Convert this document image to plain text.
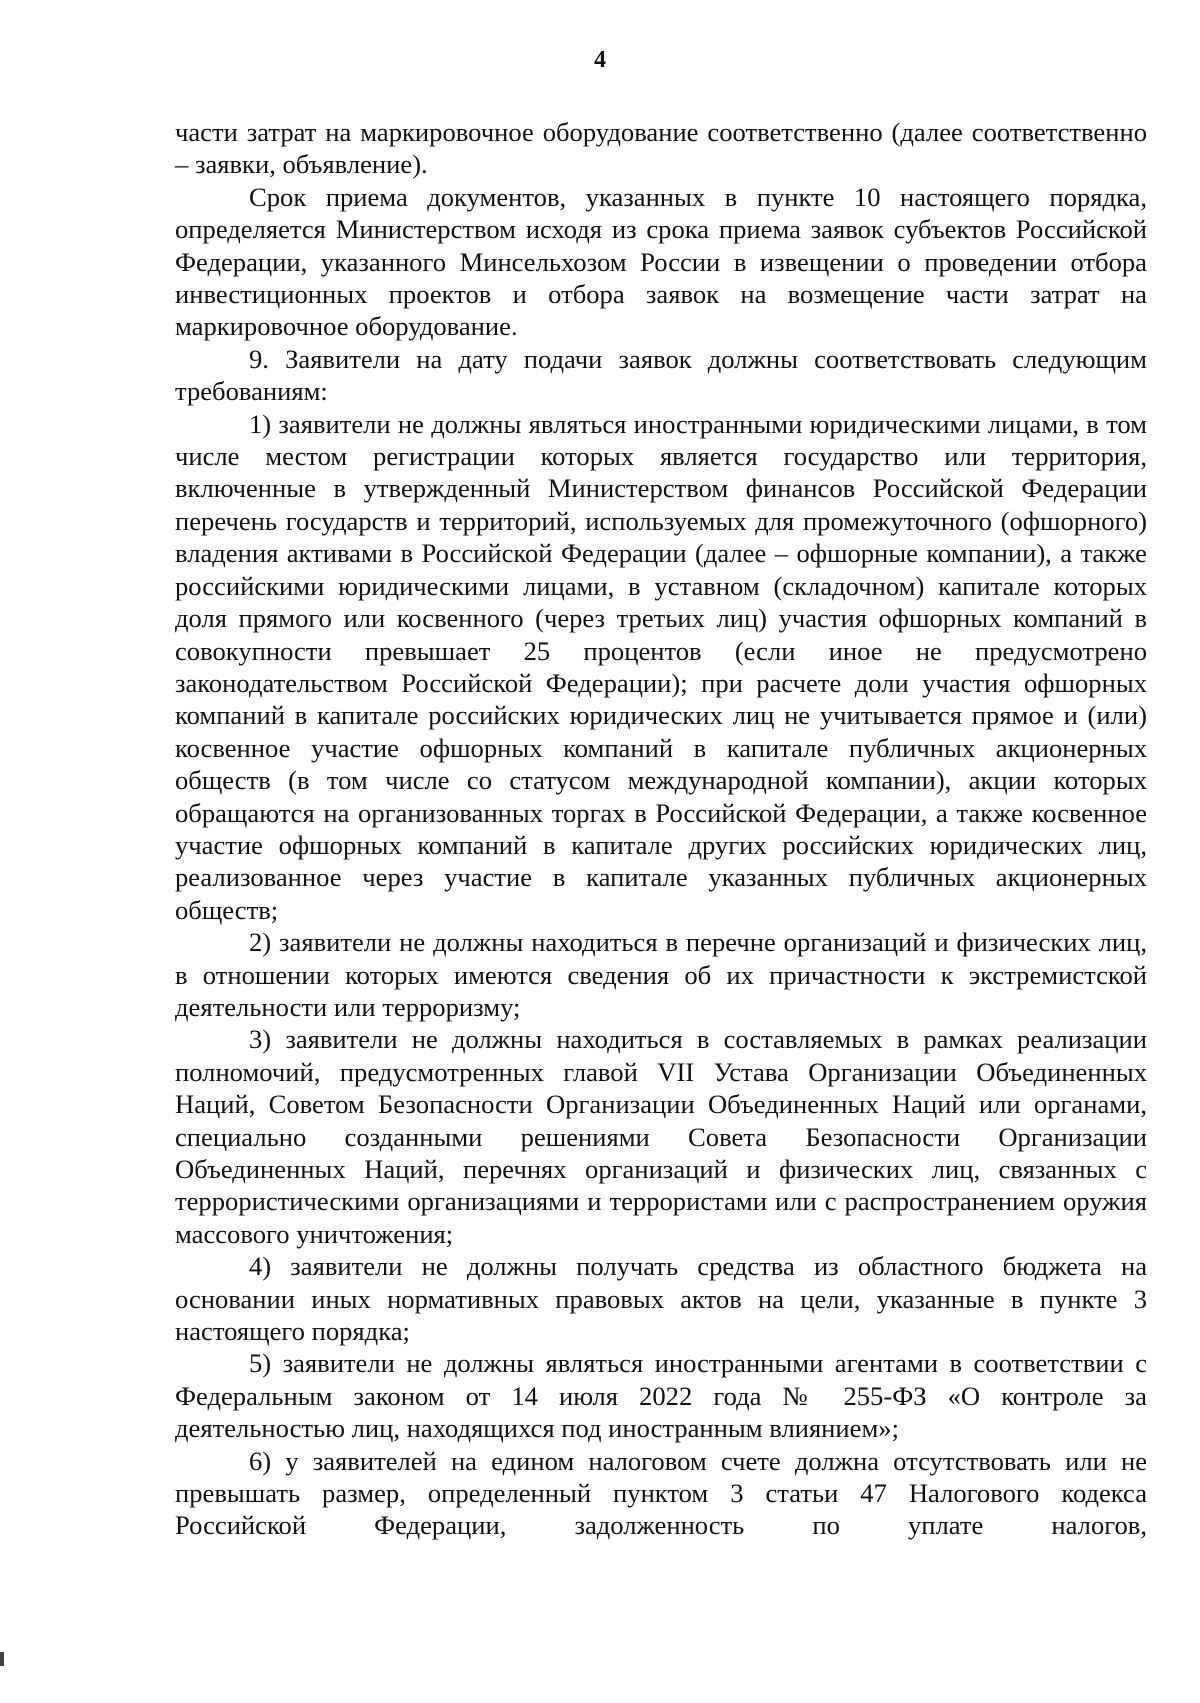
4

части затрат на маркировочное оборудование соответственно (далее соответственно – заявки, объявление).

Срок приема документов, указанных в пункте 10 настоящего порядка, определяется Министерством исходя из срока приема заявок субъектов Российской Федерации, указанного Минсельхозом России в извещении о проведении отбора инвестиционных проектов и отбора заявок на возмещение части затрат на маркировочное оборудование.

9. Заявители на дату подачи заявок должны соответствовать следующим требованиям:

1) заявители не должны являться иностранными юридическими лицами, в том числе местом регистрации которых является государство или территория, включенные в утвержденный Министерством финансов Российской Федерации перечень государств и территорий, используемых для промежуточного (офшорного) владения активами в Российской Федерации (далее – офшорные компании), а также российскими юридическими лицами, в уставном (складочном) капитале которых доля прямого или косвенного (через третьих лиц) участия офшорных компаний в совокупности превышает 25 процентов (если иное не предусмотрено законодательством Российской Федерации); при расчете доли участия офшорных компаний в капитале российских юридических лиц не учитывается прямое и (или) косвенное участие офшорных компаний в капитале публичных акционерных обществ (в том числе со статусом международной компании), акции которых обращаются на организованных торгах в Российской Федерации, а также косвенное участие офшорных компаний в капитале других российских юридических лиц, реализованное через участие в капитале указанных публичных акционерных обществ;

2) заявители не должны находиться в перечне организаций и физических лиц, в отношении которых имеются сведения об их причастности к экстремистской деятельности или терроризму;

3) заявители не должны находиться в составляемых в рамках реализации полномочий, предусмотренных главой VII Устава Организации Объединенных Наций, Советом Безопасности Организации Объединенных Наций или органами, специально созданными решениями Совета Безопасности Организации Объединенных Наций, перечнях организаций и физических лиц, связанных с террористическими организациями и террористами или с распространением оружия массового уничтожения;

4) заявители не должны получать средства из областного бюджета на основании иных нормативных правовых актов на цели, указанные в пункте 3 настоящего порядка;

5) заявители не должны являться иностранными агентами в соответствии с Федеральным законом от 14 июля 2022 года № 255-ФЗ «О контроле за деятельностью лиц, находящихся под иностранным влиянием»;

6) у заявителей на едином налоговом счете должна отсутствовать или не превышать размер, определенный пунктом 3 статьи 47 Налогового кодекса Российской Федерации, задолженность по уплате налогов,
